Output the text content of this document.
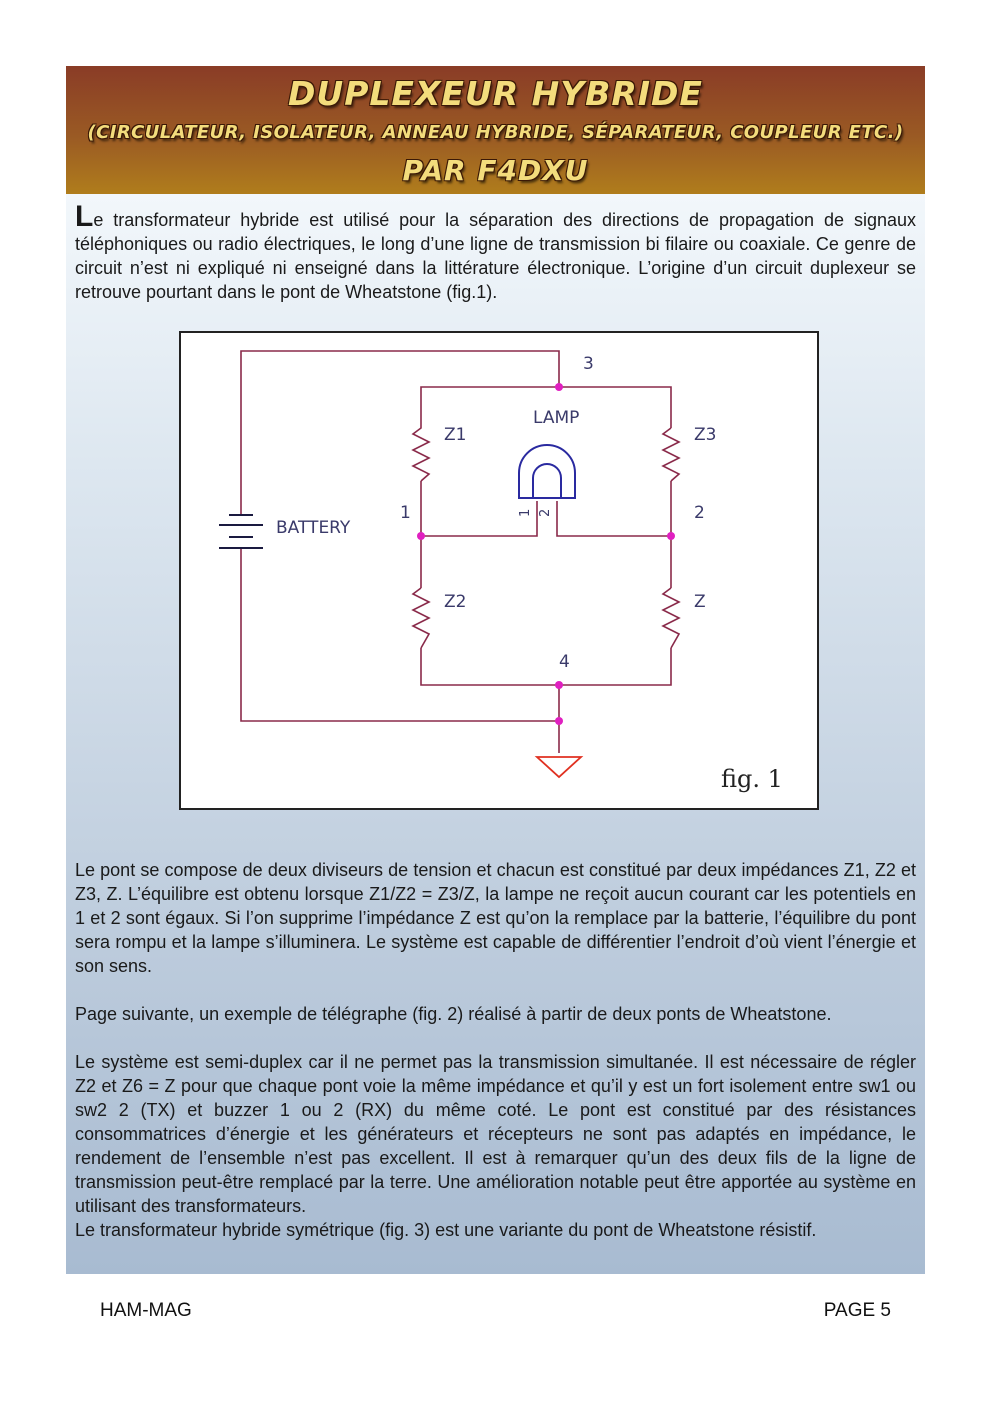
DUPLEXEUR HYBRIDE
(CIRCULATEUR, ISOLATEUR, ANNEAU HYBRIDE, SÉPARATEUR, COUPLEUR ETC.)
PAR F4DXU

Le transformateur hybride est utilisé pour la séparation des directions de propagation de signaux téléphoniques ou radio électriques, le long d’une ligne de transmission bi filaire ou coaxiale. Ce genre de circuit n’est ni expliqué ni enseigné dans la littérature électronique. L’origine d’un circuit duplexeur se retrouve pourtant dans le pont de Wheatstone (fig.1).

3
LAMP
Z1	Z3
BATTERY
1	2
Z2	Z
4
1 2
fig. 1

Le pont se compose de deux diviseurs de tension et chacun est constitué par deux impédances Z1, Z2 et Z3, Z. L’équilibre est obtenu lorsque Z1/Z2 = Z3/Z, la lampe ne reçoit aucun courant car les potentiels en 1 et 2 sont égaux. Si l’on supprime l’impédance Z est qu’on la remplace par la batterie, l’équilibre du pont sera rompu et la lampe s’illuminera. Le système est capable de différentier l’endroit d’où vient l’énergie et son sens.

Page suivante, un exemple de télégraphe (fig. 2) réalisé à partir de deux ponts de Wheatstone.

Le système est semi-duplex car il ne permet pas la transmission simultanée. Il est nécessaire de régler Z2 et Z6 = Z pour que chaque pont voie la même impédance et qu’il y est un fort isolement entre sw1 ou sw2 2 (TX) et buzzer 1 ou 2 (RX) du même coté. Le pont est constitué par des résistances consommatrices d’énergie et les générateurs et récepteurs ne sont pas adaptés en impédance, le rendement de l’ensemble n’est pas excellent. Il est à remarquer qu’un des deux fils de la ligne de transmission peut-être remplacé par la terre. Une amélioration notable peut être apportée au système en utilisant des transformateurs.

Le transformateur hybride symétrique (fig. 3) est une variante du pont de Wheatstone résistif.

HAM-MAG	PAGE 5
